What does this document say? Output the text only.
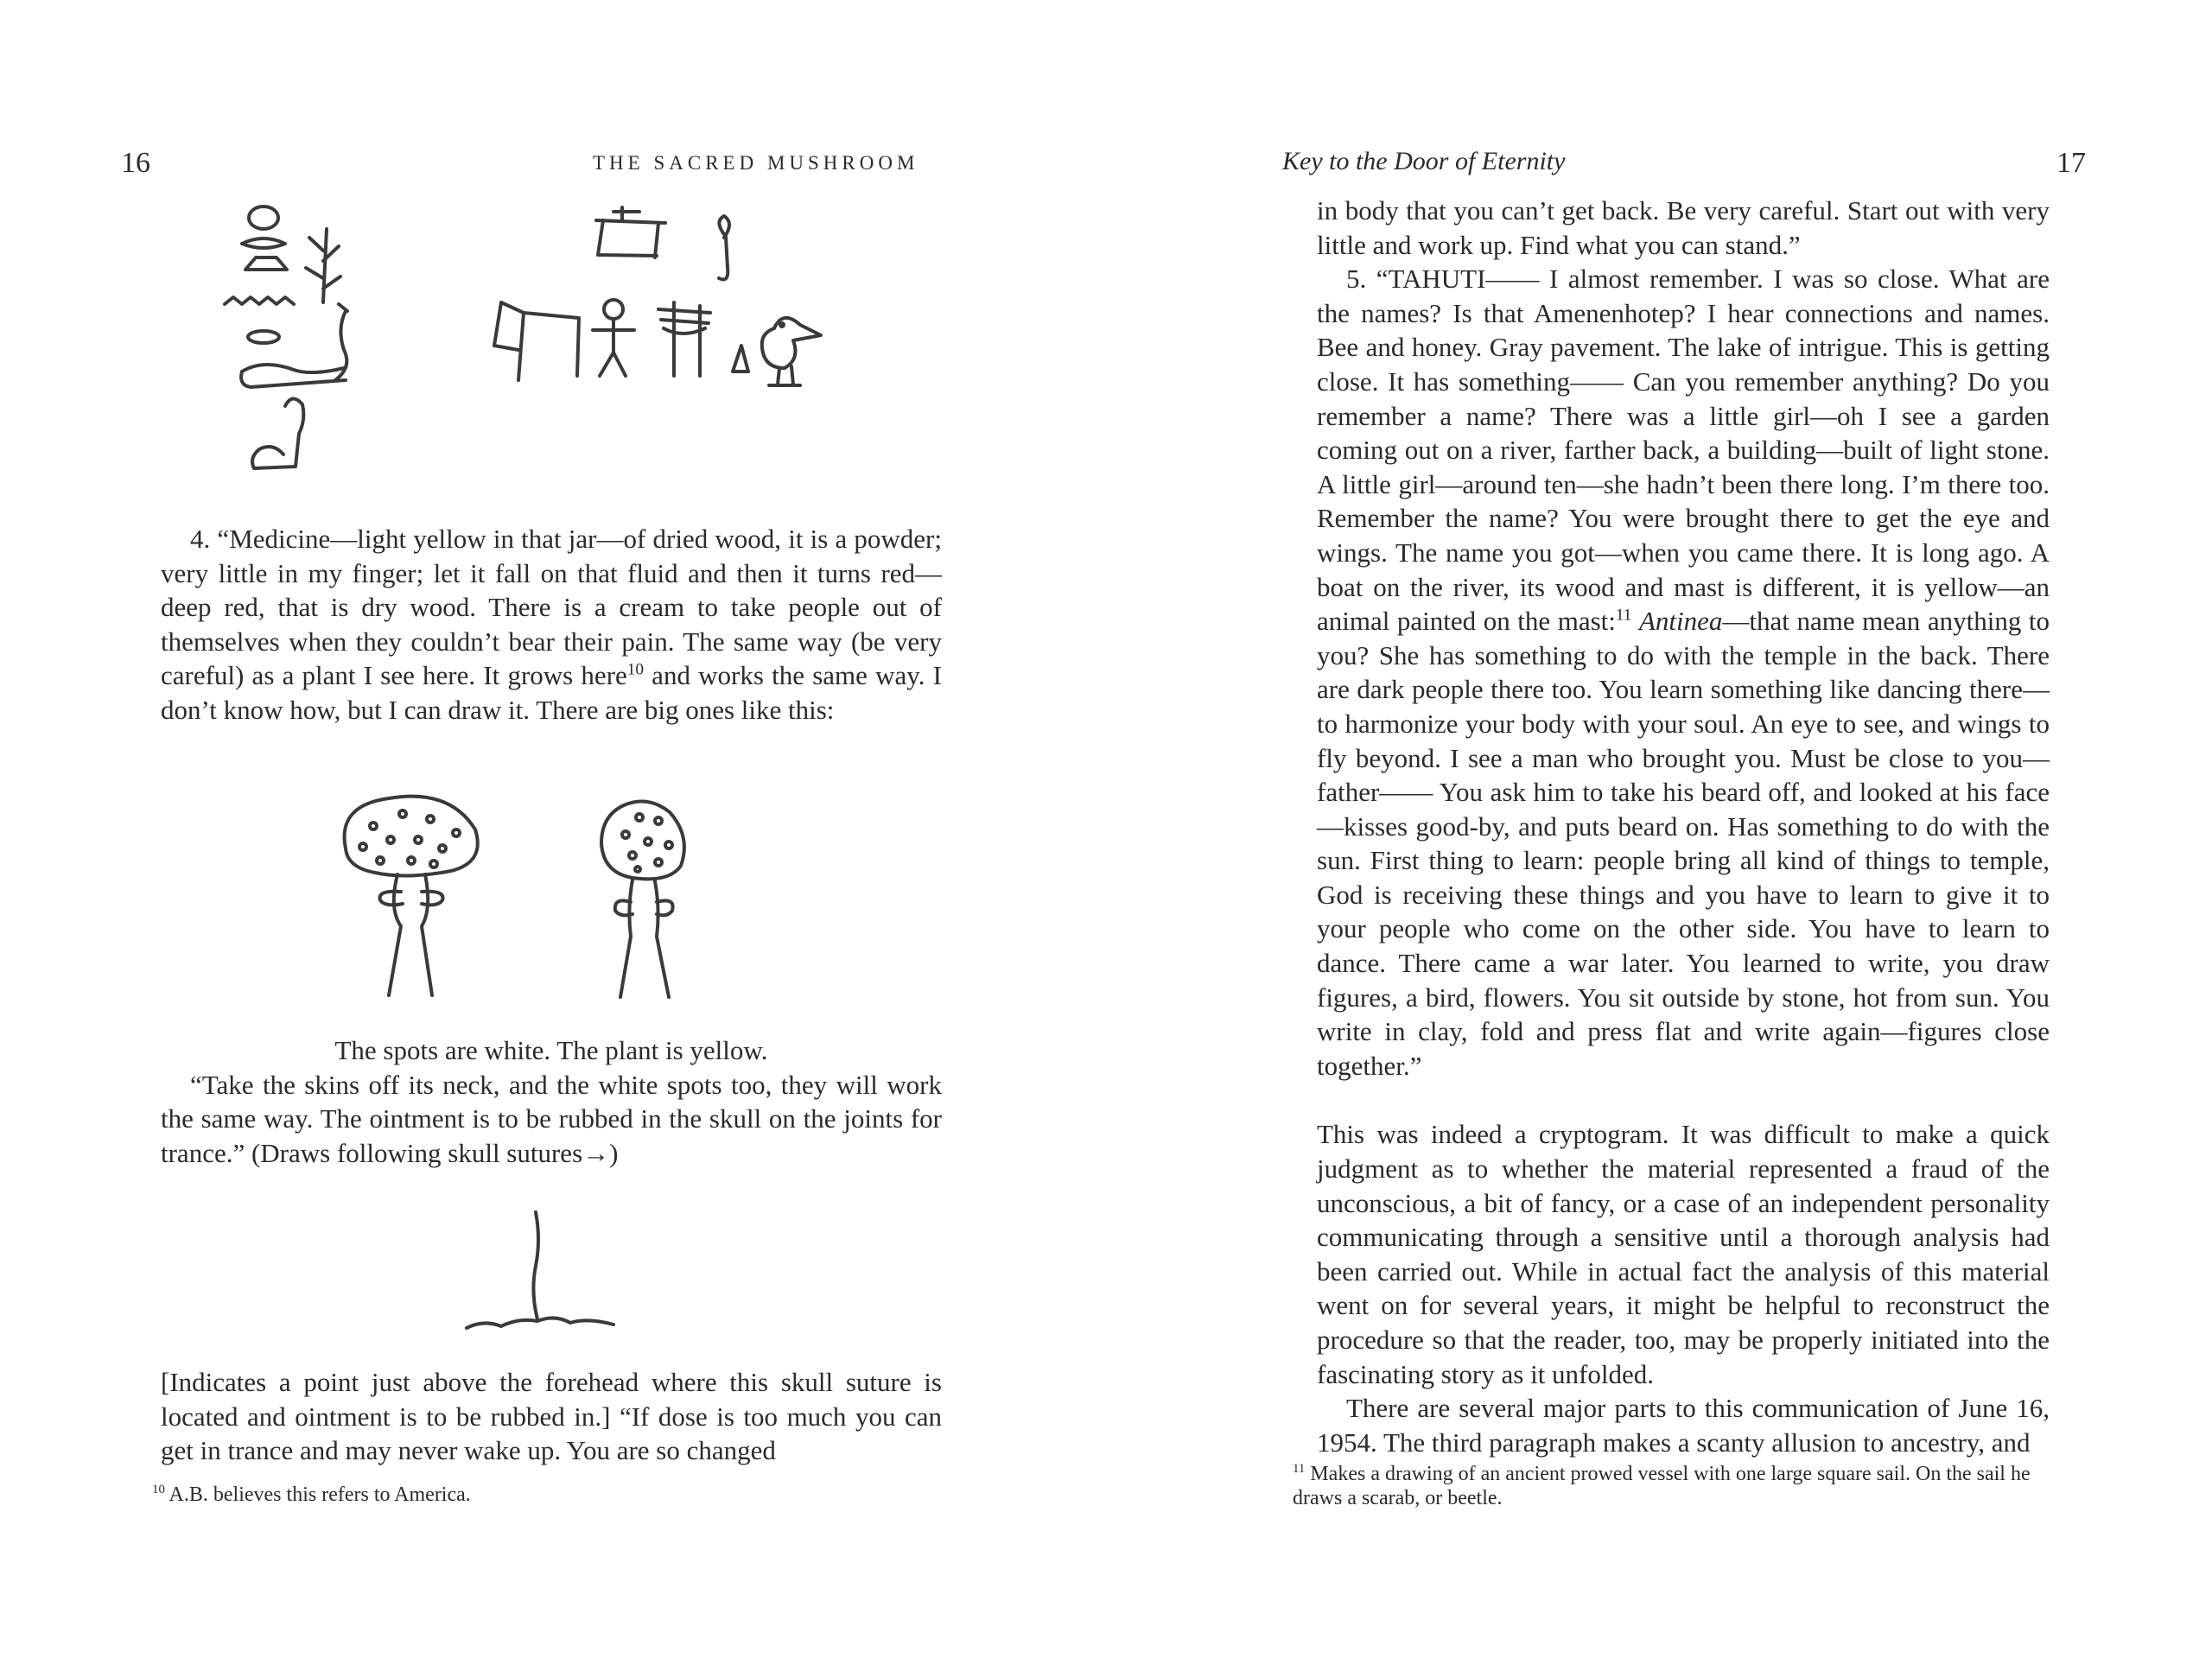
16	THE SACRED MUSHROOM

4. “Medicine—light yellow in that jar—of dried wood, it is a powder; very little in my finger; let it fall on that fluid and then it turns red—deep red, that is dry wood. There is a cream to take people out of themselves when they couldn’t bear their pain. The same way (be very careful) as a plant I see here. It grows here$^{10}$ and works the same way. I don’t know how, but I can draw it. There are big ones like this:

The spots are white. The plant is yellow.

“Take the skins off its neck, and the white spots too, they will work the same way. The ointment is to be rubbed in the skull on the joints for trance.” (Draws following skull sutures→)

[Indicates a point just above the forehead where this skull suture is located and ointment is to be rubbed in.] “If dose is too much you can get in trance and may never wake up. You are so changed

$^{10}$ A.B. believes this refers to America.
Key to the Door of Eternity	17

in body that you can’t get back. Be very careful. Start out with very little and work up. Find what you can stand.”

5. “TAHUTI—— I almost remember. I was so close. What are the names? Is that Amenenhotep? I hear connections and names. Bee and honey. Gray pavement. The lake of intrigue. This is getting close. It has something—— Can you remember anything? Do you remember a name? There was a little girl—oh I see a garden coming out on a river, farther back, a building—built of light stone. A little girl—around ten—she hadn’t been there long. I’m there too. Remember the name? You were brought there to get the eye and wings. The name you got—when you came there. It is long ago. A boat on the river, its wood and mast is different, it is yellow—an animal painted on the mast:$^{11}$ Antinea—that name mean anything to you? She has something to do with the temple in the back. There are dark people there too. You learn something like dancing there—to harmonize your body with your soul. An eye to see, and wings to fly beyond. I see a man who brought you. Must be close to you—father—— You ask him to take his beard off, and looked at his face—kisses good-by, and puts beard on. Has something to do with the sun. First thing to learn: people bring all kind of things to temple, God is receiving these things and you have to learn to give it to your people who come on the other side. You have to learn to dance. There came a war later. You learned to write, you draw figures, a bird, flowers. You sit outside by stone, hot from sun. You write in clay, fold and press flat and write again—figures close together.”

This was indeed a cryptogram. It was difficult to make a quick judgment as to whether the material represented a fraud of the unconscious, a bit of fancy, or a case of an independent personality communicating through a sensitive until a thorough analysis had been carried out. While in actual fact the analysis of this material went on for several years, it might be helpful to reconstruct the procedure so that the reader, too, may be properly initiated into the fascinating story as it unfolded.

There are several major parts to this communication of June 16, 1954. The third paragraph makes a scanty allusion to ancestry, and

$^{11}$ Makes a drawing of an ancient prowed vessel with one large square sail. On the sail he draws a scarab, or beetle.
